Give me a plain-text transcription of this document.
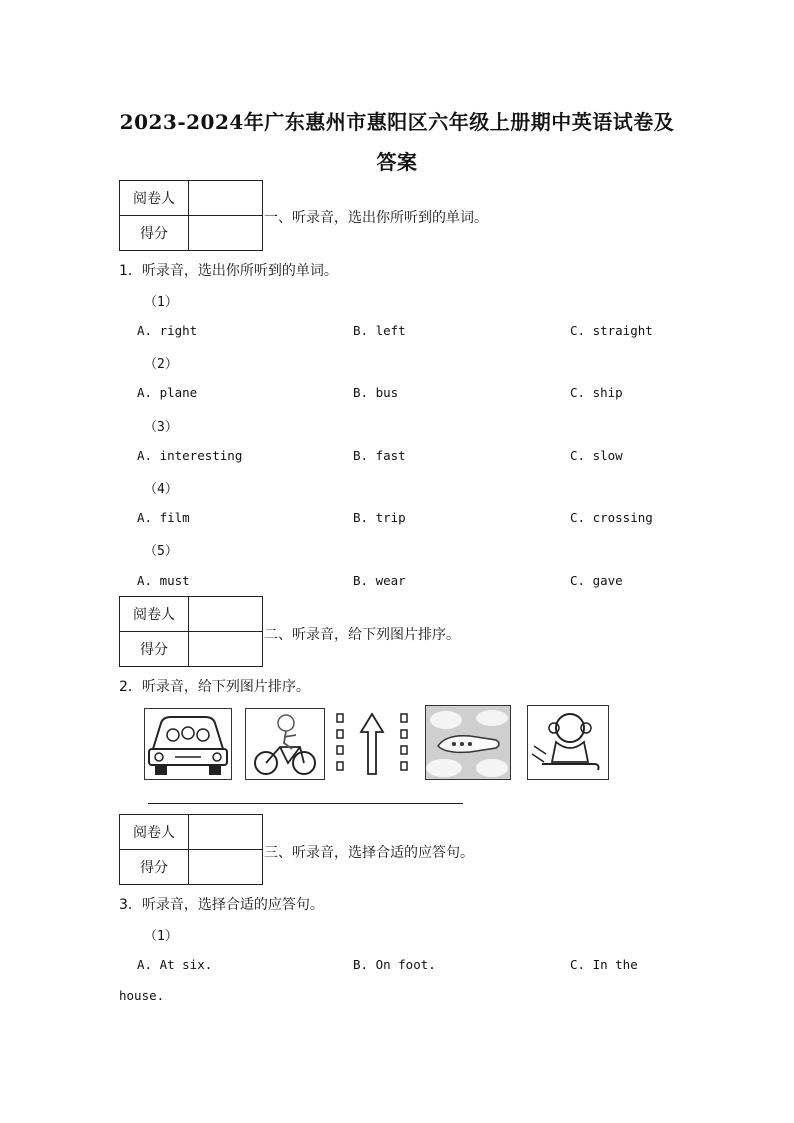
2023-2024年广东惠州市惠阳区六年级上册期中英语试卷及
答案
阅卷人	
得分	
一、听录音，选出你所听到的单词。
1．听录音，选出你所听到的单词。
（1）
A. right	B. left	C. straight
（2）
A. plane	B. bus	C. ship
（3）
A. interesting	B. fast	C. slow
（4）
A. film	B. trip	C. crossing
（5）
A. must	B. wear	C. gave
阅卷人	
得分	
二、听录音，给下列图片排序。
2．听录音，给下列图片排序。
阅卷人	
得分	
三、听录音，选择合适的应答句。
3．听录音，选择合适的应答句。
（1）
A. At six.	B. On foot.	C. In the
house.
